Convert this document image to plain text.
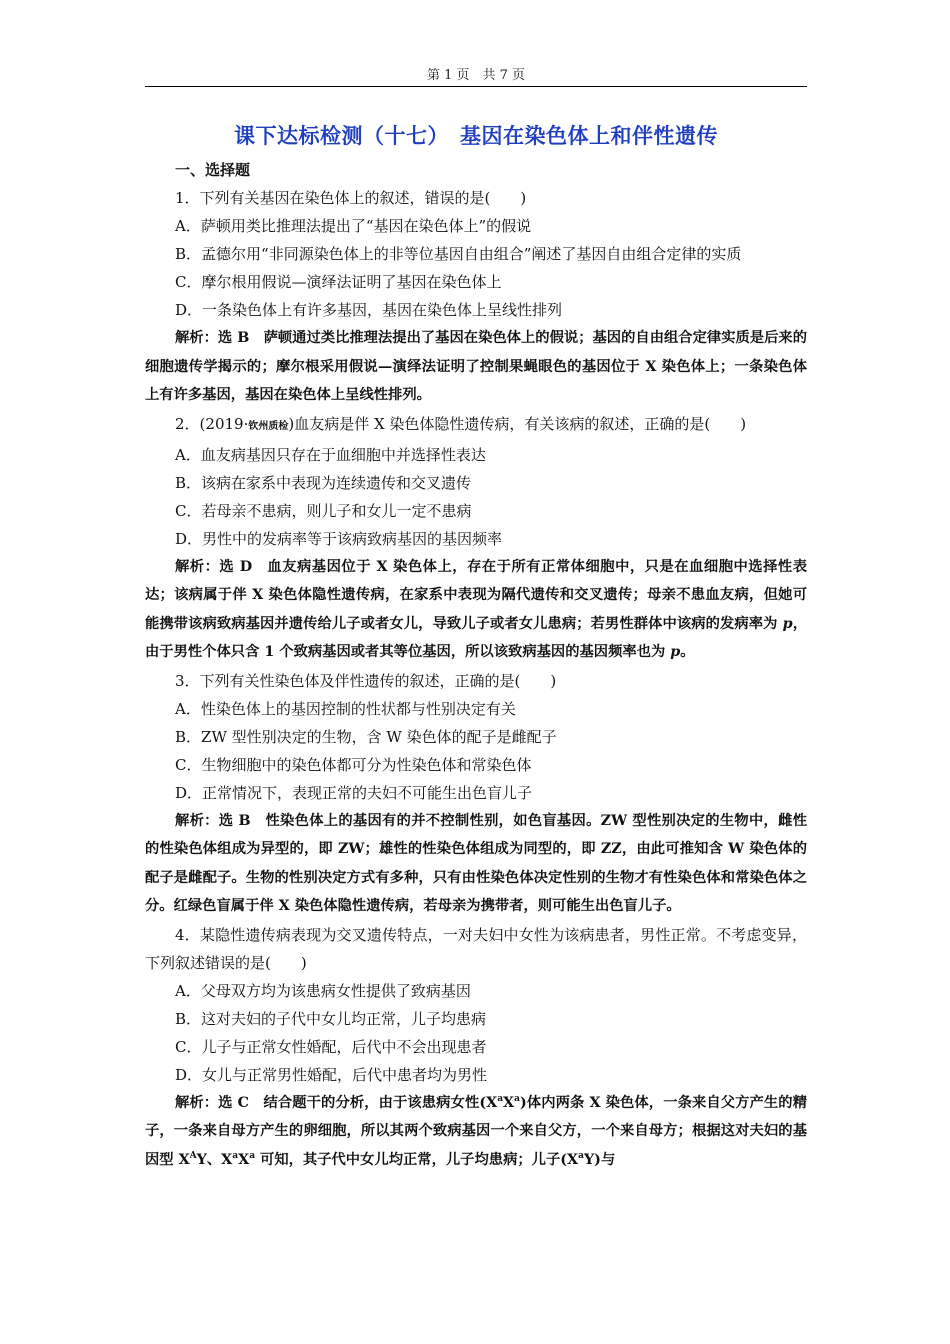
第 1 页　共 7 页
课下达标检测（十七）　基因在染色体上和伴性遗传

一、选择题

1．下列有关基因在染色体上的叙述，错误的是(　　)

A．萨顿用类比推理法提出了“基因在染色体上”的假说

B．孟德尔用“非同源染色体上的非等位基因自由组合”阐述了基因自由组合定律的实质

C．摩尔根用假说—演绎法证明了基因在染色体上

D．一条染色体上有许多基因，基因在染色体上呈线性排列

解析：选 B　萨顿通过类比推理法提出了基因在染色体上的假说；基因的自由组合定律实质是后来的细胞遗传学揭示的；摩尔根采用假说—演绎法证明了控制果蝇眼色的基因位于 X 染色体上；一条染色体上有许多基因，基因在染色体上呈线性排列。

2．(2019·钦州质检)血友病是伴 X 染色体隐性遗传病，有关该病的叙述，正确的是(　　)

A．血友病基因只存在于血细胞中并选择性表达

B．该病在家系中表现为连续遗传和交叉遗传

C．若母亲不患病，则儿子和女儿一定不患病

D．男性中的发病率等于该病致病基因的基因频率

解析：选 D　血友病基因位于 X 染色体上，存在于所有正常体细胞中，只是在血细胞中选择性表达；该病属于伴 X 染色体隐性遗传病，在家系中表现为隔代遗传和交叉遗传；母亲不患血友病，但她可能携带该病致病基因并遗传给儿子或者女儿，导致儿子或者女儿患病；若男性群体中该病的发病率为 p，由于男性个体只含 1 个致病基因或者其等位基因，所以该致病基因的基因频率也为 p。

3．下列有关性染色体及伴性遗传的叙述，正确的是(　　)

A．性染色体上的基因控制的性状都与性别决定有关

B．ZW 型性别决定的生物，含 W 染色体的配子是雌配子

C．生物细胞中的染色体都可分为性染色体和常染色体

D．正常情况下，表现正常的夫妇不可能生出色盲儿子

解析：选 B　性染色体上的基因有的并不控制性别，如色盲基因。ZW 型性别决定的生物中，雌性的性染色体组成为异型的，即 ZW；雄性的性染色体组成为同型的，即 ZZ，由此可推知含 W 染色体的配子是雌配子。生物的性别决定方式有多种，只有由性染色体决定性别的生物才有性染色体和常染色体之分。红绿色盲属于伴 X 染色体隐性遗传病，若母亲为携带者，则可能生出色盲儿子。

4．某隐性遗传病表现为交叉遗传特点，一对夫妇中女性为该病患者，男性正常。不考虑变异，下列叙述错误的是(　　)

A．父母双方均为该患病女性提供了致病基因

B．这对夫妇的子代中女儿均正常，儿子均患病

C．儿子与正常女性婚配，后代中不会出现患者

D．女儿与正常男性婚配，后代中患者均为男性

解析：选 C　结合题干的分析，由于该患病女性$(X^aX^a)$体内两条 X 染色体，一条来自父方产生的精子，一条来自母方产生的卵细胞，所以其两个致病基因一个来自父方，一个来自母方；根据这对夫妇的基因型 $X^AY$、$X^aX^a$ 可知，其子代中女儿均正常，儿子均患病；儿子$(X^aY)$与
